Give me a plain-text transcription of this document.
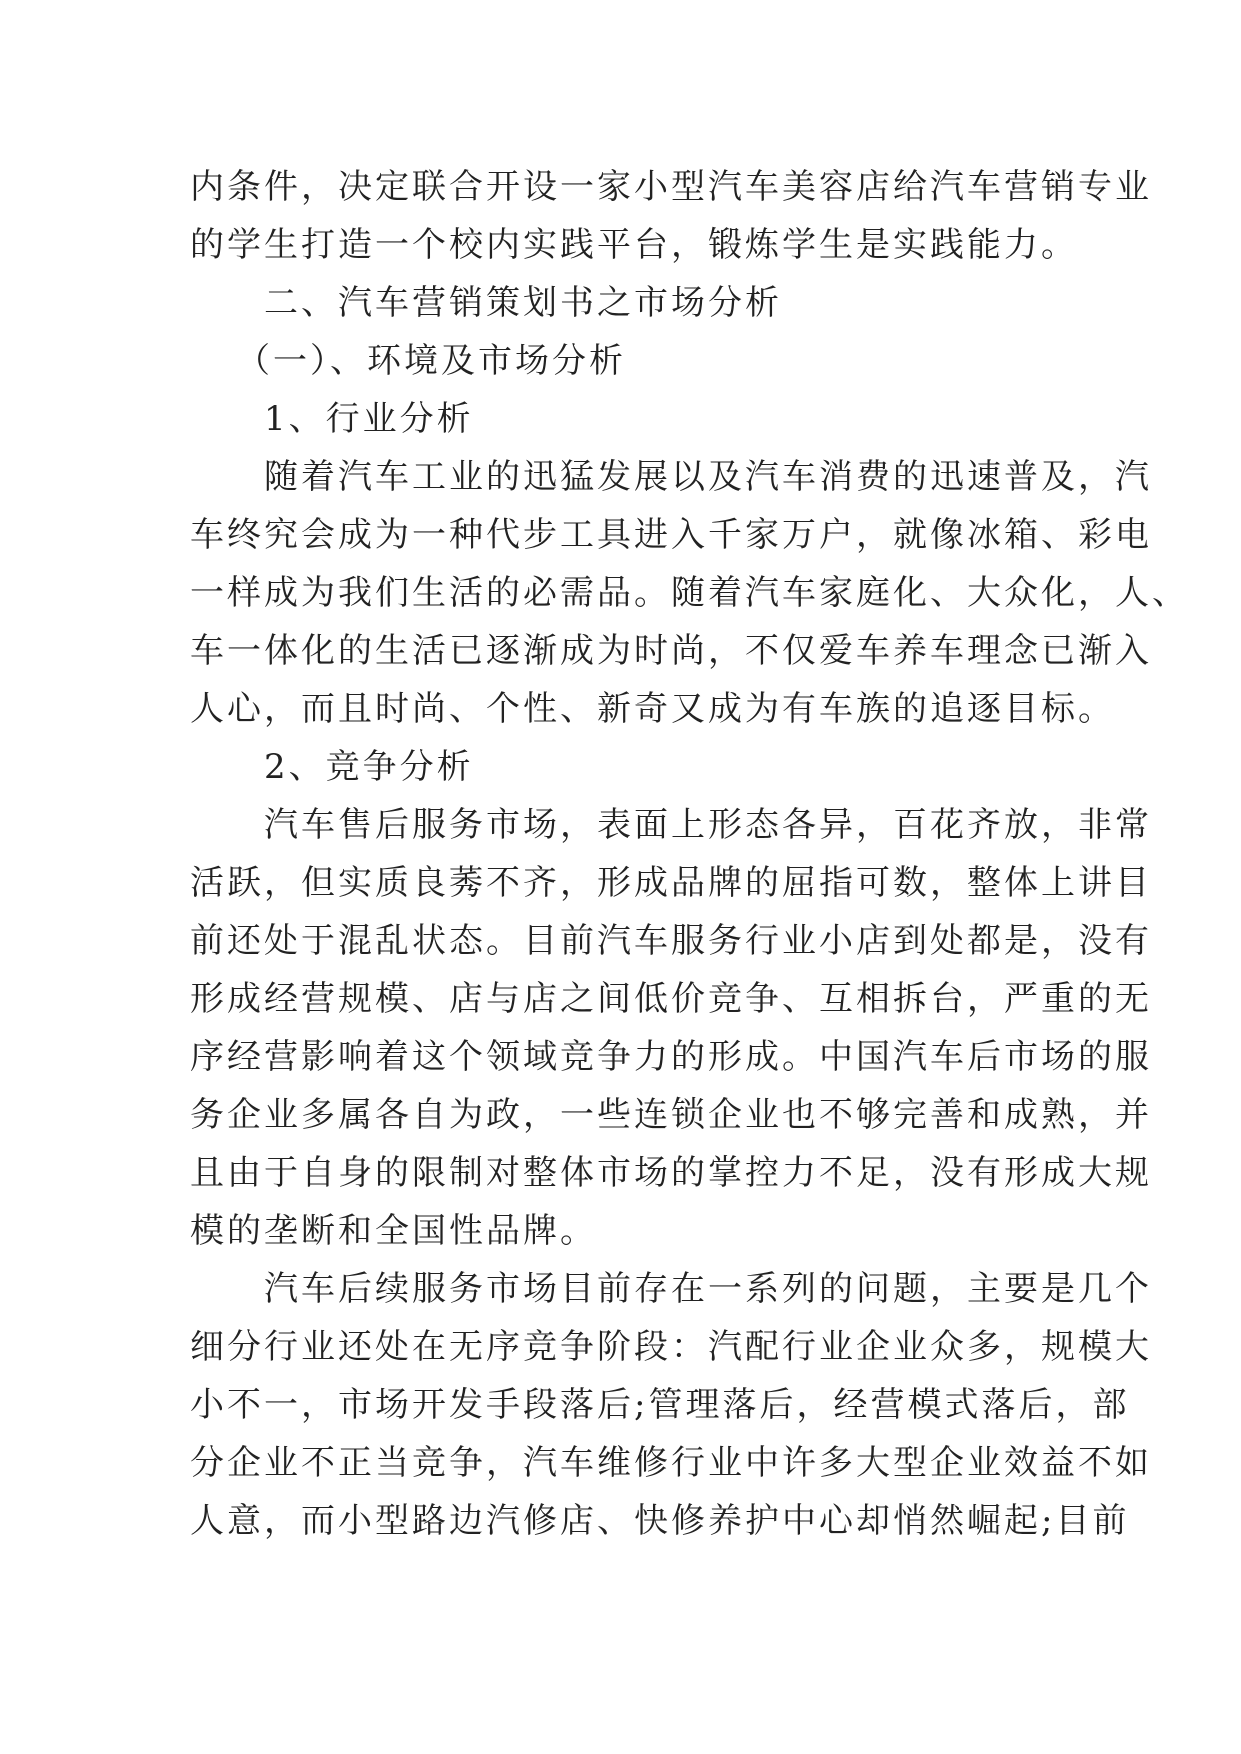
内条件，决定联合开设一家小型汽车美容店给汽车营销专业
的学生打造一个校内实践平台，锻炼学生是实践能力。
二、汽车营销策划书之市场分析
（一）、环境及市场分析
1、行业分析
随着汽车工业的迅猛发展以及汽车消费的迅速普及，汽
车终究会成为一种代步工具进入千家万户，就像冰箱、彩电
一样成为我们生活的必需品。随着汽车家庭化、大众化，人、
车一体化的生活已逐渐成为时尚，不仅爱车养车理念已渐入
人心，而且时尚、个性、新奇又成为有车族的追逐目标。
2、竞争分析
汽车售后服务市场，表面上形态各异，百花齐放，非常
活跃，但实质良莠不齐，形成品牌的屈指可数，整体上讲目
前还处于混乱状态。目前汽车服务行业小店到处都是，没有
形成经营规模、店与店之间低价竞争、互相拆台，严重的无
序经营影响着这个领域竞争力的形成。中国汽车后市场的服
务企业多属各自为政，一些连锁企业也不够完善和成熟，并
且由于自身的限制对整体市场的掌控力不足，没有形成大规
模的垄断和全国性品牌。
汽车后续服务市场目前存在一系列的问题，主要是几个
细分行业还处在无序竞争阶段：汽配行业企业众多，规模大
小不一，市场开发手段落后;管理落后，经营模式落后，部
分企业不正当竞争，汽车维修行业中许多大型企业效益不如
人意，而小型路边汽修店、快修养护中心却悄然崛起;目前
